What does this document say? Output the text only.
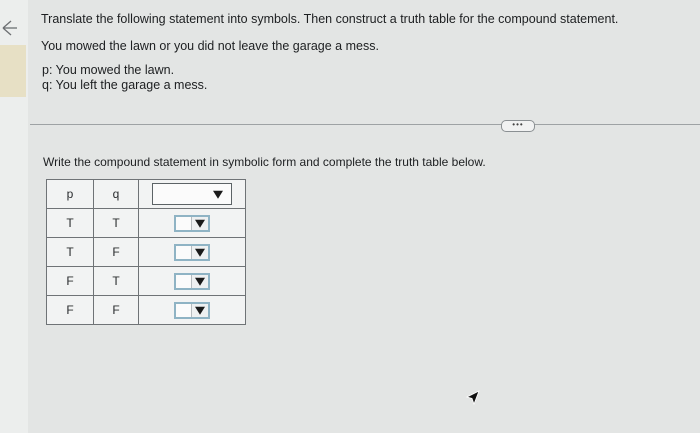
Translate the following statement into symbols. Then construct a truth table for the compound statement.
You mowed the lawn or you did not leave the garage a mess.
p: You mowed the lawn.
q: You left the garage a mess.
•••
Write the compound statement in symbolic form and complete the truth table below.
p	q	

T	T	

T	F	

F	T	

F	F	
